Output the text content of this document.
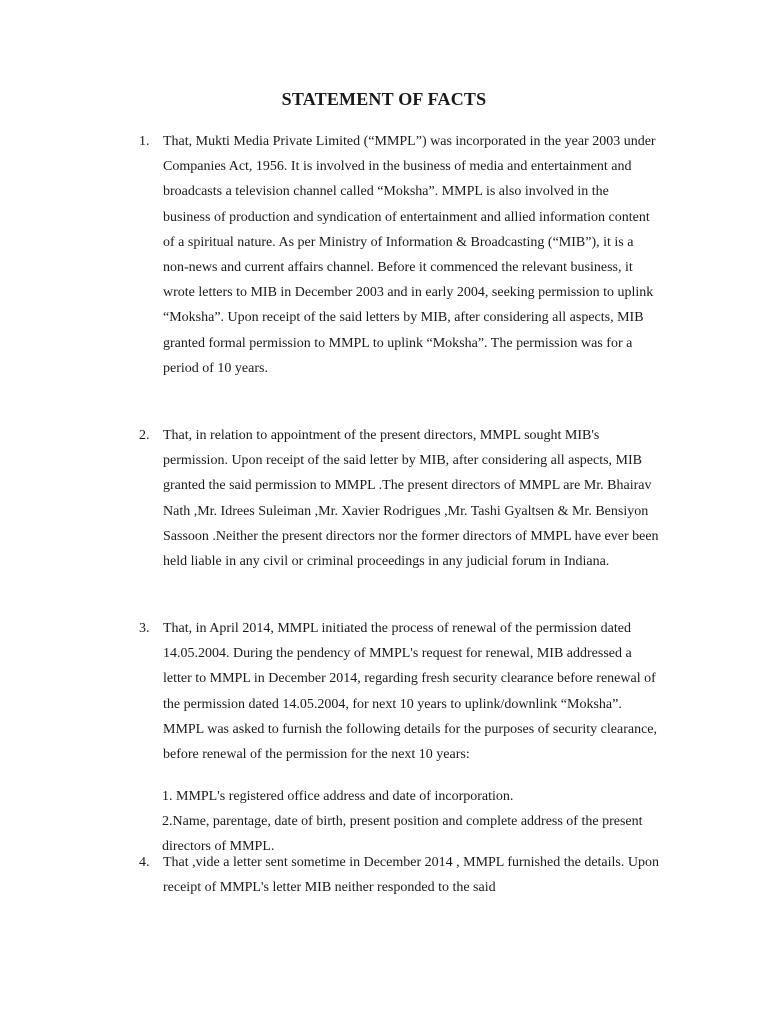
STATEMENT OF FACTS
1. That, Mukti Media Private Limited (“MMPL”) was incorporated in the year 2003 under Companies Act, 1956. It is involved in the business of media and entertainment and broadcasts a television channel called “Moksha”. MMPL is also involved in the business of production and syndication of entertainment and allied information content of a spiritual nature. As per Ministry of Information & Broadcasting (“MIB”), it is a non-news and current affairs channel. Before it commenced the relevant business, it wrote letters to MIB in December 2003 and in early 2004, seeking permission to uplink “Moksha”. Upon receipt of the said letters by MIB, after considering all aspects, MIB granted formal permission to MMPL to uplink “Moksha”. The permission was for a period of 10 years.

2. That, in relation to appointment of the present directors, MMPL sought MIB's permission. Upon receipt of the said letter by MIB, after considering all aspects, MIB granted the said permission to MMPL .The present directors of MMPL are Mr. Bhairav Nath ,Mr. Idrees Suleiman ,Mr. Xavier Rodrigues ,Mr. Tashi Gyaltsen & Mr. Bensiyon Sassoon .Neither the present directors nor the former directors of MMPL have ever been held liable in any civil or criminal proceedings in any judicial forum in Indiana.

3. That, in April 2014, MMPL initiated the process of renewal of the permission dated 14.05.2004. During the pendency of MMPL's request for renewal, MIB addressed a letter to MMPL in December 2014, regarding fresh security clearance before renewal of the permission dated 14.05.2004, for next 10 years to uplink/downlink “Moksha”. MMPL was asked to furnish the following details for the purposes of security clearance, before renewal of the permission for the next 10 years:

1. MMPL's registered office address and date of incorporation.

2.Name, parentage, date of birth, present position and complete address of the present directors of MMPL.

4. That ,vide a letter sent sometime in December 2014 , MMPL furnished the details. Upon receipt of MMPL's letter MIB neither responded to the said
